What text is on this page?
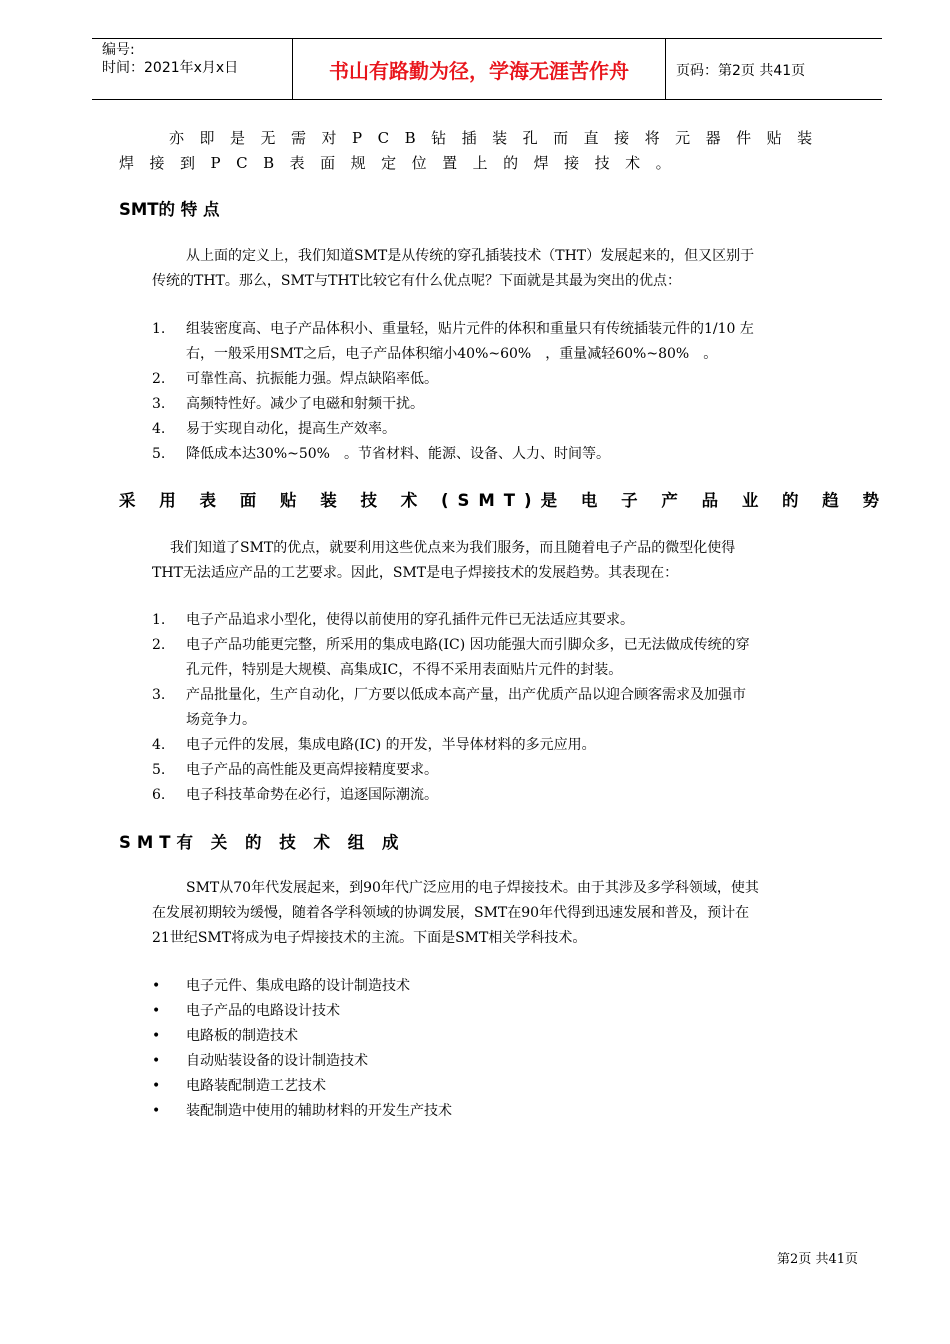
编号:
时间：2021年x月x日	书山有路勤为径，学海无涯苦作舟	页码：第2页 共41页
亦即是无需对PCB钻插装孔而直接将元器件贴装
焊接到PCB表面规定位置上的焊接技术。
SMT的 特 点
从上面的定义上，我们知道SMT是从传统的穿孔插装技术（THT）发展起来的，但又区别于
传统的THT。那么，SMT与THT比较它有什么优点呢？下面就是其最为突出的优点：
1. 组装密度高、电子产品体积小、重量轻，贴片元件的体积和重量只有传统插装元件的1/10 左
右，一般采用SMT之后，电子产品体积缩小40%~60%　，重量减轻60%~80%　。
2. 可靠性高、抗振能力强。焊点缺陷率低。
3. 高频特性好。减少了电磁和射频干扰。
4. 易于实现自动化，提高生产效率。
5. 降低成本达30%~50%　。节省材料、能源、设备、人力、时间等。
采 用 表 面 贴 装 技 术 (SMT)是 电 子 产 品 业 的 趋 势
我们知道了SMT的优点，就要利用这些优点来为我们服务，而且随着电子产品的微型化使得
THT无法适应产品的工艺要求。因此，SMT是电子焊接技术的发展趋势。其表现在：
1. 电子产品追求小型化，使得以前使用的穿孔插件元件已无法适应其要求。
2. 电子产品功能更完整，所采用的集成电路(IC) 因功能强大而引脚众多，已无法做成传统的穿
孔元件，特别是大规模、高集成IC，不得不采用表面贴片元件的封装。
3. 产品批量化，生产自动化，厂方要以低成本高产量，出产优质产品以迎合顾客需求及加强市
场竞争力。
4. 电子元件的发展，集成电路(IC) 的开发，半导体材料的多元应用。
5. 电子产品的高性能及更高焊接精度要求。
6. 电子科技革命势在必行，追逐国际潮流。
SMT有 关 的 技 术 组 成
SMT从70年代发展起来，到90年代广泛应用的电子焊接技术。由于其涉及多学科领域，使其
在发展初期较为缓慢，随着各学科领域的协调发展，SMT在90年代得到迅速发展和普及，预计在
21世纪SMT将成为电子焊接技术的主流。下面是SMT相关学科技术。
• 电子元件、集成电路的设计制造技术
• 电子产品的电路设计技术
• 电路板的制造技术
• 自动贴装设备的设计制造技术
• 电路装配制造工艺技术
• 装配制造中使用的辅助材料的开发生产技术
第2页 共41页
